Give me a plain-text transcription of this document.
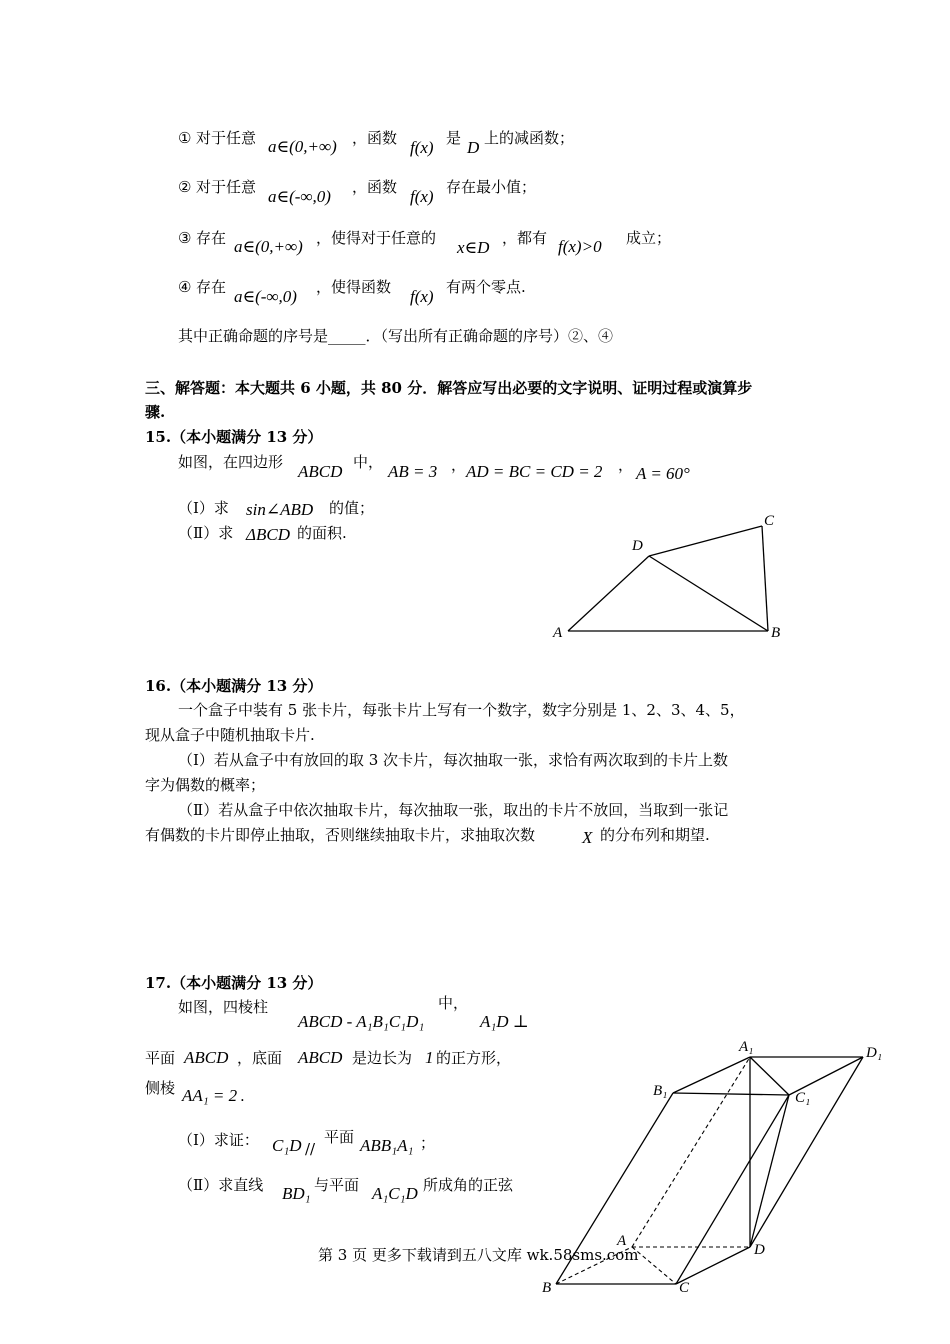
① 对于任意 a∈(0,+∞) ，函数 f(x) 是 D 上的减函数；
② 对于任意 a∈(-∞,0) ，函数 f(x) 存在最小值；
③ 存在 a∈(0,+∞) ，使得对于任意的 x∈D ，都有 f(x)>0 成立；
④ 存在 a∈(-∞,0) ，使得函数 f(x) 有两个零点.
其中正确命题的序号是_____．（写出所有正确命题的序号）②、④
三、解答题：本大题共 6 小题，共 80 分．解答应写出必要的文字说明、证明过程或演算步
骤.
15.（本小题满分 13 分）
如图，在四边形 ABCD 中， AB = 3 ， AD = BC = CD = 2 ， A = 60°
（Ⅰ）求 sin∠ABD 的值；
（Ⅱ）求 ΔBCD 的面积.
A	B
C
D
16.（本小题满分 13 分）
一个盒子中装有 5 张卡片，每张卡片上写有一个数字，数字分别是 1、2、3、4、5，
现从盒子中随机抽取卡片.
（Ⅰ）若从盒子中有放回的取 3 次卡片，每次抽取一张，求恰有两次取到的卡片上数
字为偶数的概率；
（Ⅱ）若从盒子中依次抽取卡片，每次抽取一张，取出的卡片不放回，当取到一张记
有偶数的卡片即停止抽取，否则继续抽取卡片，求抽取次数	X 的分布列和期望.
17.（本小题满分 13 分）
如图，四棱柱	中，
ABCD - A₁B₁C₁D₁	A₁D ⊥
平面 ABCD ，底面 ABCD 是边长为 1 的正方形，
侧棱 AA₁ = 2 .
（Ⅰ）求证： C₁D //
平面 ABB₁A₁ ；
（Ⅱ）求直线 BD₁ 与平面 A₁C₁D 所成角的正弦
A₁	D₁
B₁	C₁
A
D
B	C
第 3 页 更多下载请到五八文库 wk.58sms.com
